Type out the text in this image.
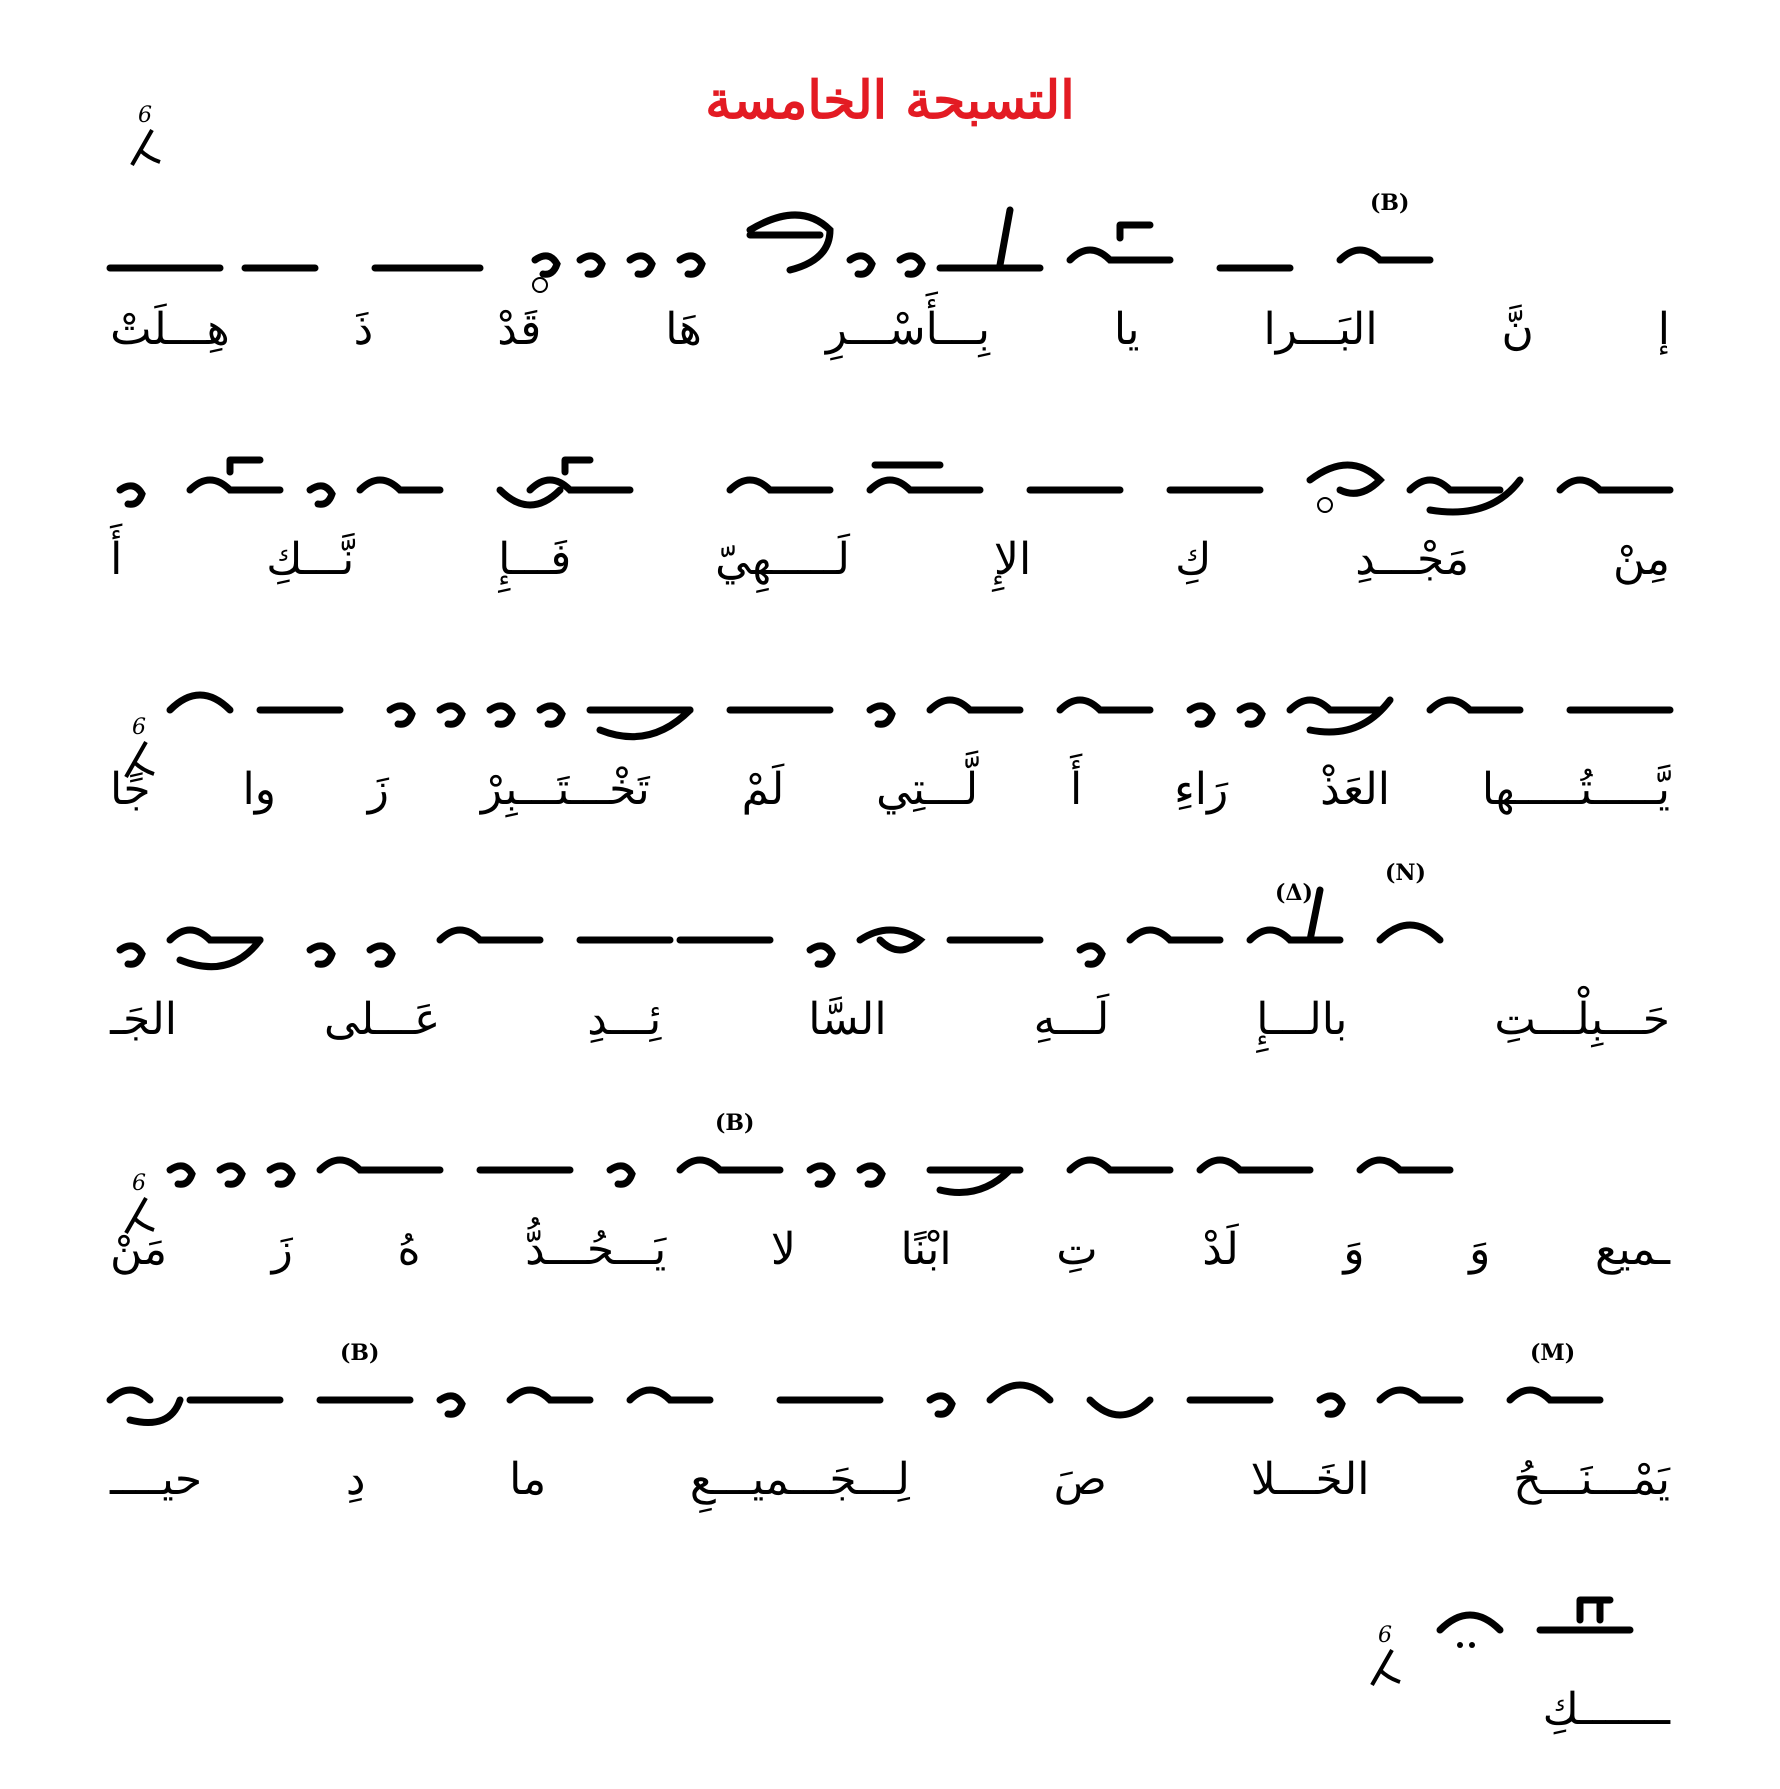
التسبحة الخامسة
6
6
6
6
(B)
إ
نَّ
البَـــرا
يا
بِـــأَسْـــرِ
هَا
قَدْ
ذَ
هِـــلَتْ
مِنْ
مَجْـــدِ
كِ
الإِ
لَـــــهِيّ
فَـــإِ
نَّـــكِ
أَ
يَّـــــتُـــــها
العَذْ
رَاءِ
أَ
لَّـــتِي
لَمْ
تَخْـــتَـــبِرْ
زَ
وا
جًا
(Δ)
(N)
حَـــبِلْـــتِ
بالـــإِ
لَـــهِ
السَّا
ئِـــدِ
عَـــلى
الجَـ
(B)
ـميع
وَ
وَ
لَدْ
تِ
ابْنًا
لا
يَـــحُـــدُّ
هُ
زَ
مَنْ
(B)	(M)
يَمْـــنَـــحُ
الخَـــلا
صَ
لِـــجَـــميـــعِ
ما
دِ
حيــــ
ـــــــكِ
